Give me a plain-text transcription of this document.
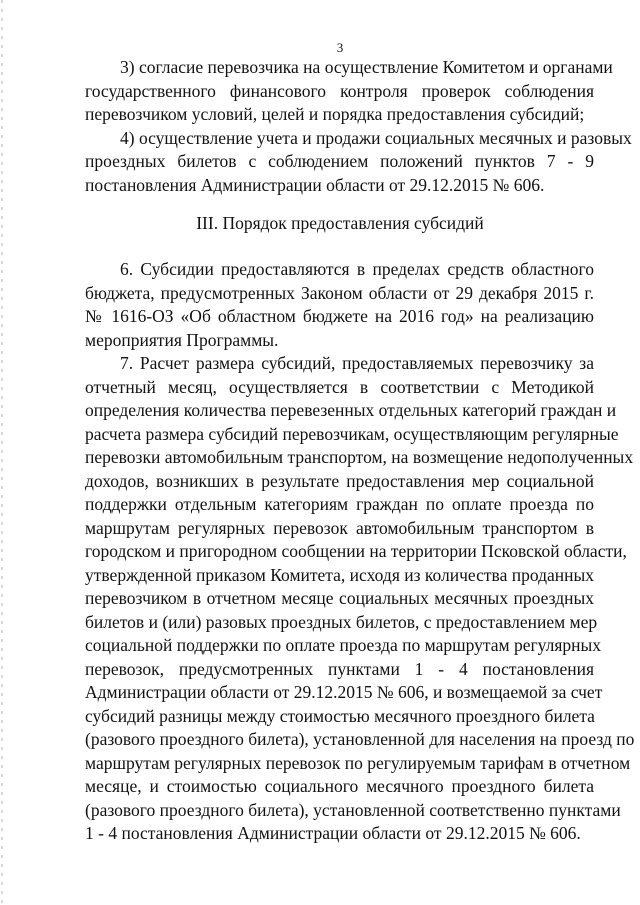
3
3) согласие перевозчика на осуществление Комитетом и органами
государственного финансового контроля проверок соблюдения
перевозчиком условий, целей и порядка предоставления субсидий;
4) осуществление учета и продажи социальных месячных и разовых
проездных билетов с соблюдением положений пунктов 7 - 9
постановления Администрации области от 29.12.2015 № 606.
III. Порядок предоставления субсидий
6. Субсидии предоставляются в пределах средств областного
бюджета, предусмотренных Законом области от 29 декабря 2015 г.
№ 1616-ОЗ «Об областном бюджете на 2016 год» на реализацию
мероприятия Программы.
7. Расчет размера субсидий, предоставляемых перевозчику за
отчетный месяц, осуществляется в соответствии с Методикой
определения количества перевезенных отдельных категорий граждан и
расчета размера субсидий перевозчикам, осуществляющим регулярные
перевозки автомобильным транспортом, на возмещение недополученных
доходов, возникших в результате предоставления мер социальной
поддержки отдельным категориям граждан по оплате проезда по
маршрутам регулярных перевозок автомобильным транспортом в
городском и пригородном сообщении на территории Псковской области,
утвержденной приказом Комитета, исходя из количества проданных
перевозчиком в отчетном месяце социальных месячных проездных
билетов и (или) разовых проездных билетов, с предоставлением мер
социальной поддержки по оплате проезда по маршрутам регулярных
перевозок, предусмотренных пунктами 1 - 4 постановления
Администрации области от 29.12.2015 № 606, и возмещаемой за счет
субсидий разницы между стоимостью месячного проездного билета
(разового проездного билета), установленной для населения на проезд по
маршрутам регулярных перевозок по регулируемым тарифам в отчетном
месяце, и стоимостью социального месячного проездного билета
(разового проездного билета), установленной соответственно пунктами
1 - 4 постановления Администрации области от 29.12.2015 № 606.
